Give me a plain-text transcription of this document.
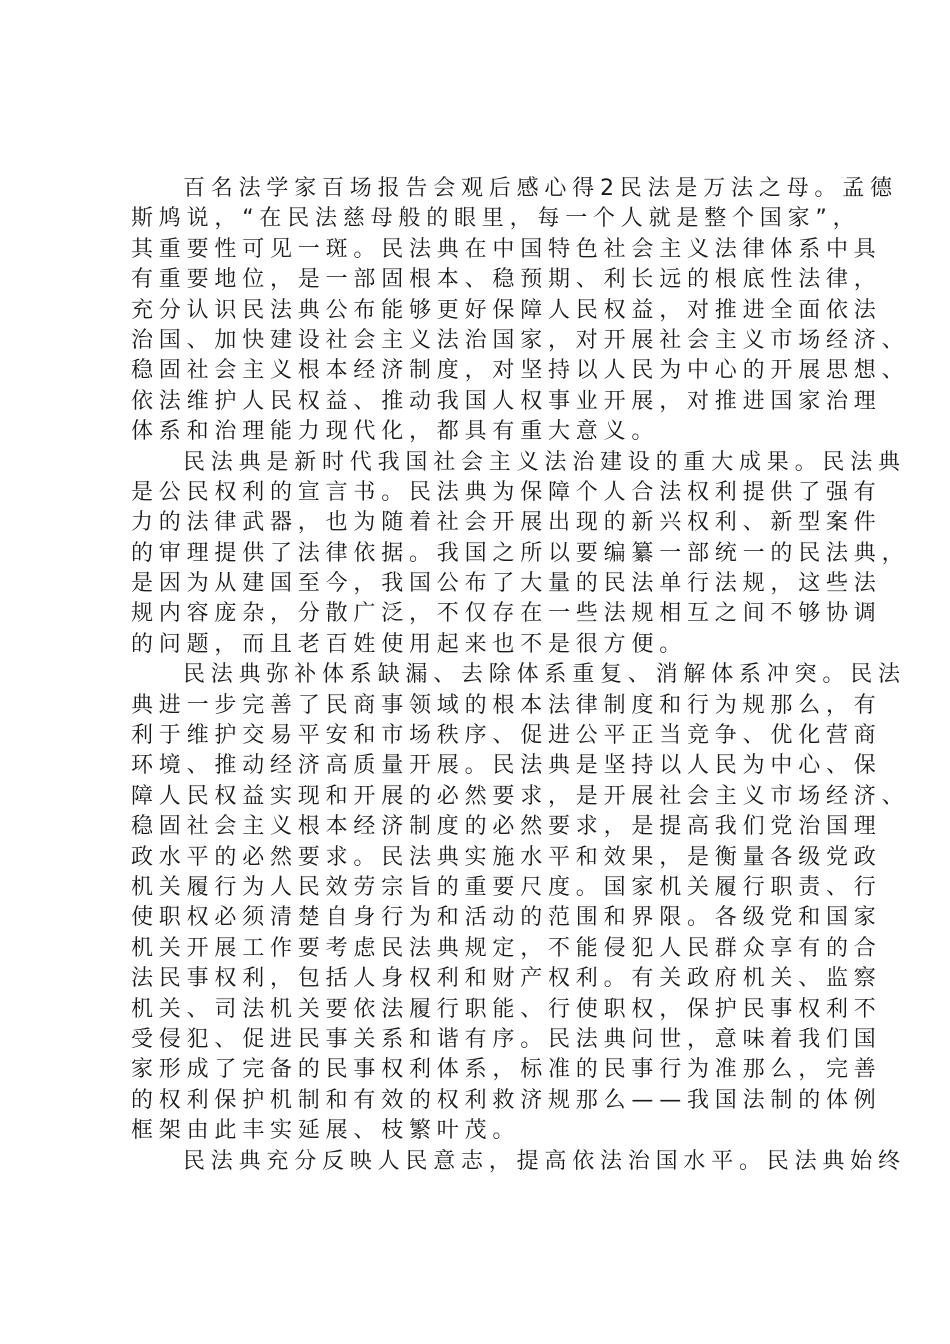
百名法学家百场报告会观后感心得2民法是万法之母。孟德
斯鸠说，“在民法慈母般的眼里，每一个人就是整个国家”，
其重要性可见一斑。民法典在中国特色社会主义法律体系中具
有重要地位，是一部固根本、稳预期、利长远的根底性法律，
充分认识民法典公布能够更好保障人民权益，对推进全面依法
治国、加快建设社会主义法治国家，对开展社会主义市场经济、
稳固社会主义根本经济制度，对坚持以人民为中心的开展思想、
依法维护人民权益、推动我国人权事业开展，对推进国家治理
体系和治理能力现代化，都具有重大意义。
民法典是新时代我国社会主义法治建设的重大成果。民法典
是公民权利的宣言书。民法典为保障个人合法权利提供了强有
力的法律武器，也为随着社会开展出现的新兴权利、新型案件
的审理提供了法律依据。我国之所以要编纂一部统一的民法典，
是因为从建国至今，我国公布了大量的民法单行法规，这些法
规内容庞杂，分散广泛，不仅存在一些法规相互之间不够协调
的问题，而且老百姓使用起来也不是很方便。
民法典弥补体系缺漏、去除体系重复、消解体系冲突。民法
典进一步完善了民商事领域的根本法律制度和行为规那么，有
利于维护交易平安和市场秩序、促进公平正当竞争、优化营商
环境、推动经济高质量开展。民法典是坚持以人民为中心、保
障人民权益实现和开展的必然要求，是开展社会主义市场经济、
稳固社会主义根本经济制度的必然要求，是提高我们党治国理
政水平的必然要求。民法典实施水平和效果，是衡量各级党政
机关履行为人民效劳宗旨的重要尺度。国家机关履行职责、行
使职权必须清楚自身行为和活动的范围和界限。各级党和国家
机关开展工作要考虑民法典规定，不能侵犯人民群众享有的合
法民事权利，包括人身权利和财产权利。有关政府机关、监察
机关、司法机关要依法履行职能、行使职权，保护民事权利不
受侵犯、促进民事关系和谐有序。民法典问世，意味着我们国
家形成了完备的民事权利体系，标准的民事行为准那么，完善
的权利保护机制和有效的权利救济规那么——我国法制的体例
框架由此丰实延展、枝繁叶茂。
民法典充分反映人民意志，提高依法治国水平。民法典始终
